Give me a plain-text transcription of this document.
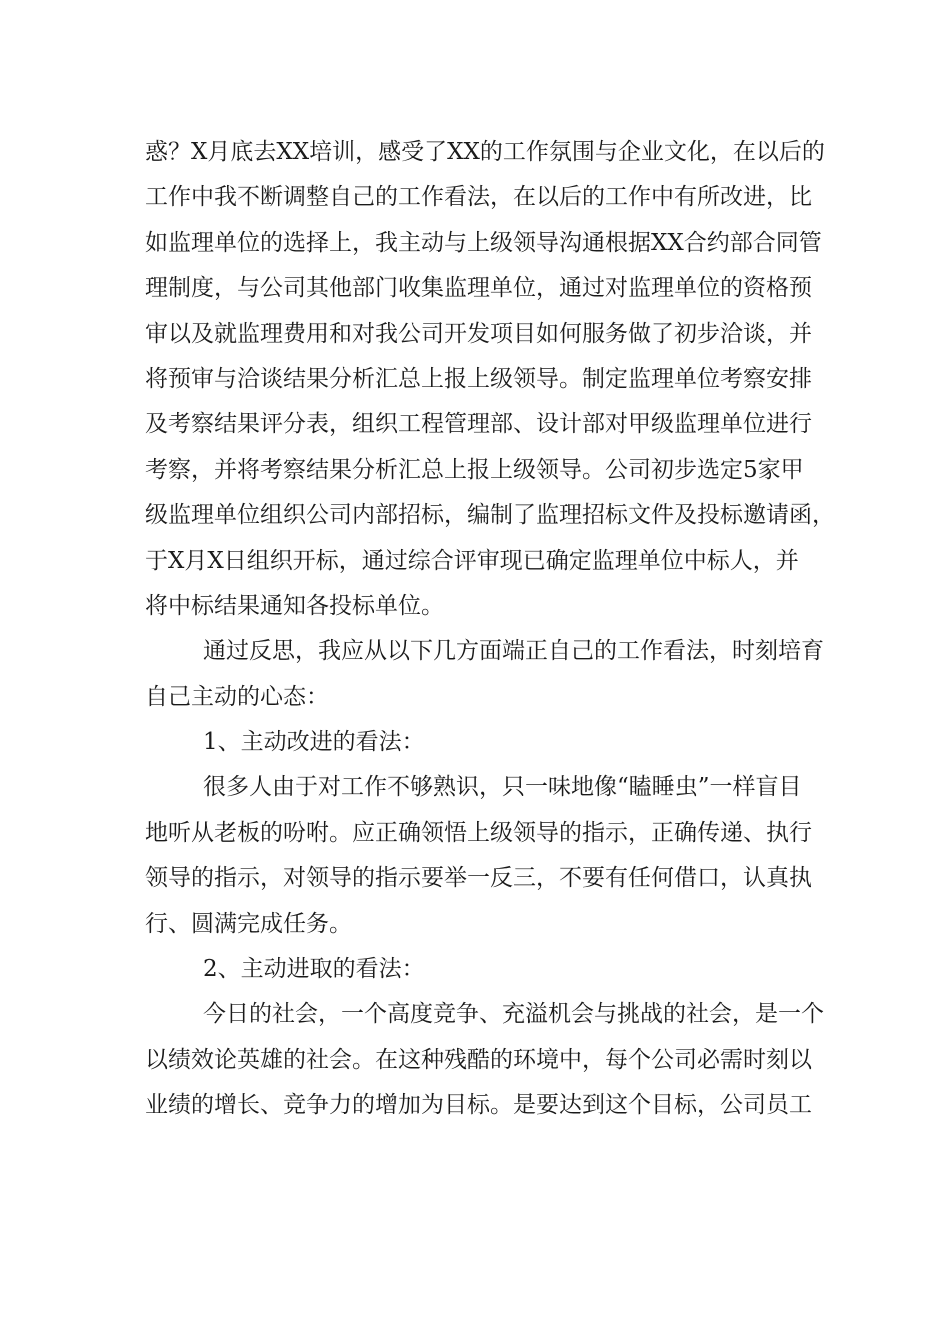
惑？X月底去XX培训，感受了XX的工作氛围与企业文化，在以后的
工作中我不断调整自己的工作看法，在以后的工作中有所改进，比
如监理单位的选择上，我主动与上级领导沟通根据XX合约部合同管
理制度，与公司其他部门收集监理单位，通过对监理单位的资格预
审以及就监理费用和对我公司开发项目如何服务做了初步洽谈，并
将预审与洽谈结果分析汇总上报上级领导。制定监理单位考察安排
及考察结果评分表，组织工程管理部、设计部对甲级监理单位进行
考察，并将考察结果分析汇总上报上级领导。公司初步选定5家甲
级监理单位组织公司内部招标，编制了监理招标文件及投标邀请函，
于X月X日组织开标，通过综合评审现已确定监理单位中标人，并
将中标结果通知各投标单位。
通过反思，我应从以下几方面端正自己的工作看法，时刻培育
自己主动的心态：
1、主动改进的看法：
很多人由于对工作不够熟识，只一味地像“瞌睡虫”一样盲目
地听从老板的吩咐。应正确领悟上级领导的指示，正确传递、执行
领导的指示，对领导的指示要举一反三，不要有任何借口，认真执
行、圆满完成任务。
2、主动进取的看法：
今日的社会，一个高度竞争、充溢机会与挑战的社会，是一个
以绩效论英雄的社会。在这种残酷的环境中，每个公司必需时刻以
业绩的增长、竞争力的增加为目标。是要达到这个目标，公司员工
